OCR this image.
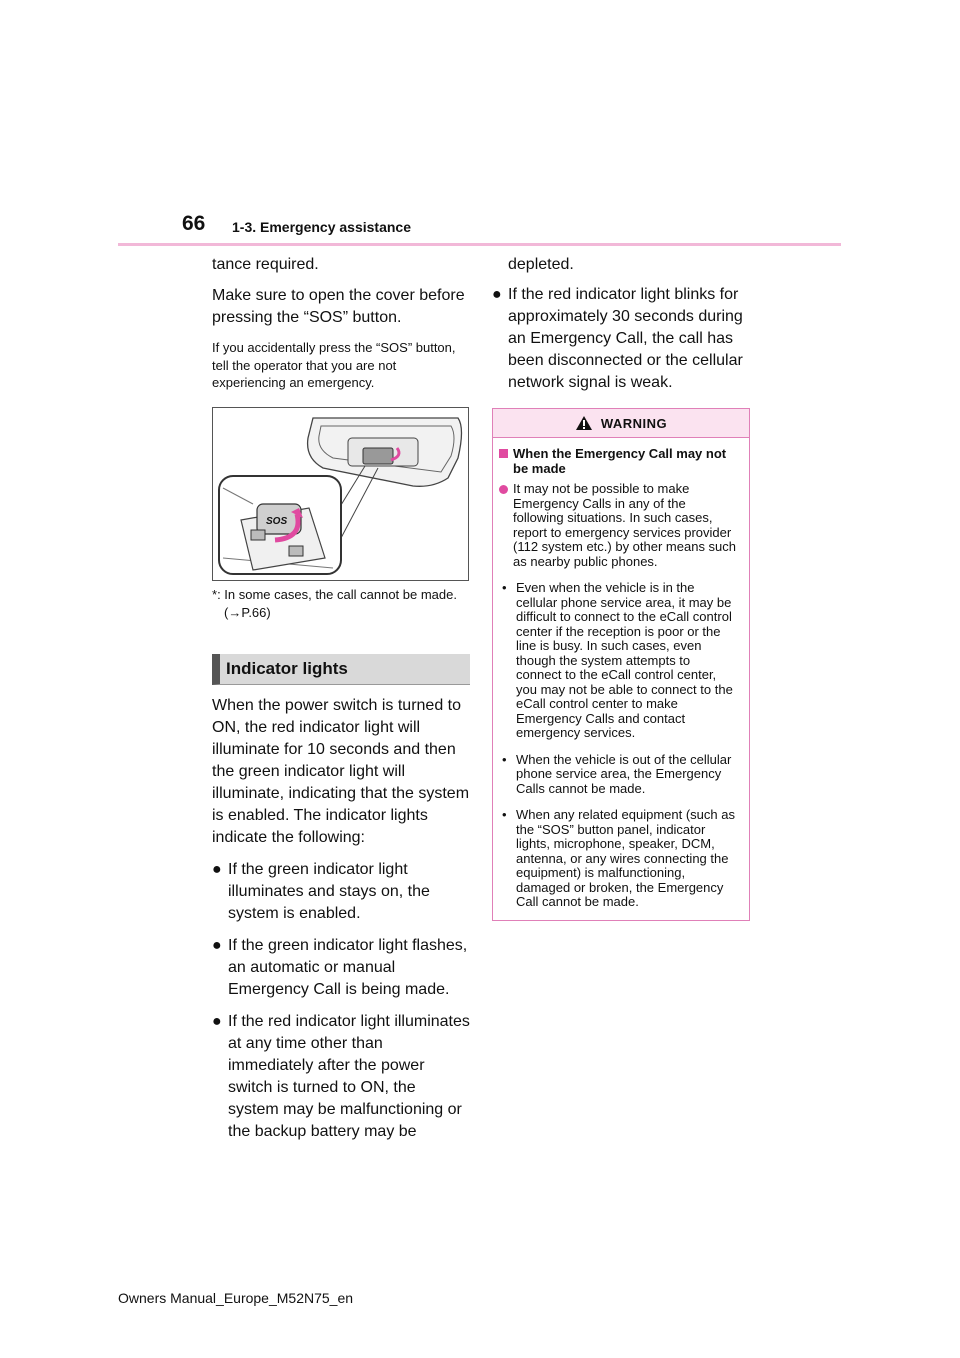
66 1-3. Emergency assistance

tance required.

Make sure to open the cover before pressing the “SOS” button.

If you accidentally press the “SOS” button, tell the operator that you are not experiencing an emergency.

SOS
*: In some cases, the call cannot be made. (→P.66)
Indicator lights

When the power switch is turned to ON, the red indicator light will illuminate for 10 seconds and then the green indicator light will illuminate, indicating that the system is enabled. The indicator lights indicate the following:

● If the green indicator light illuminates and stays on, the system is enabled.
● If the green indicator light flashes, an automatic or manual Emergency Call is being made.
● If the red indicator light illuminates at any time other than immediately after the power switch is turned to ON, the system may be malfunctioning or the backup battery may be

depleted.

● If the red indicator light blinks for approximately 30 seconds during an Emergency Call, the call has been disconnected or the cellular network signal is weak.
WARNING
When the Emergency Call may not be made
It may not be possible to make Emergency Calls in any of the following situations. In such cases, report to emergency services provider (112 system etc.) by other means such as nearby public phones.
• Even when the vehicle is in the cellular phone service area, it may be difficult to connect to the eCall control center if the reception is poor or the line is busy. In such cases, even though the system attempts to connect to the eCall control center, you may not be able to connect to the eCall control center to make Emergency Calls and contact emergency services.
• When the vehicle is out of the cellular phone service area, the Emergency Calls cannot be made.
• When any related equipment (such as the “SOS” button panel, indicator lights, microphone, speaker, DCM, antenna, or any wires connecting the equipment) is malfunctioning, damaged or broken, the Emergency Call cannot be made.
Owners Manual_Europe_M52N75_en
